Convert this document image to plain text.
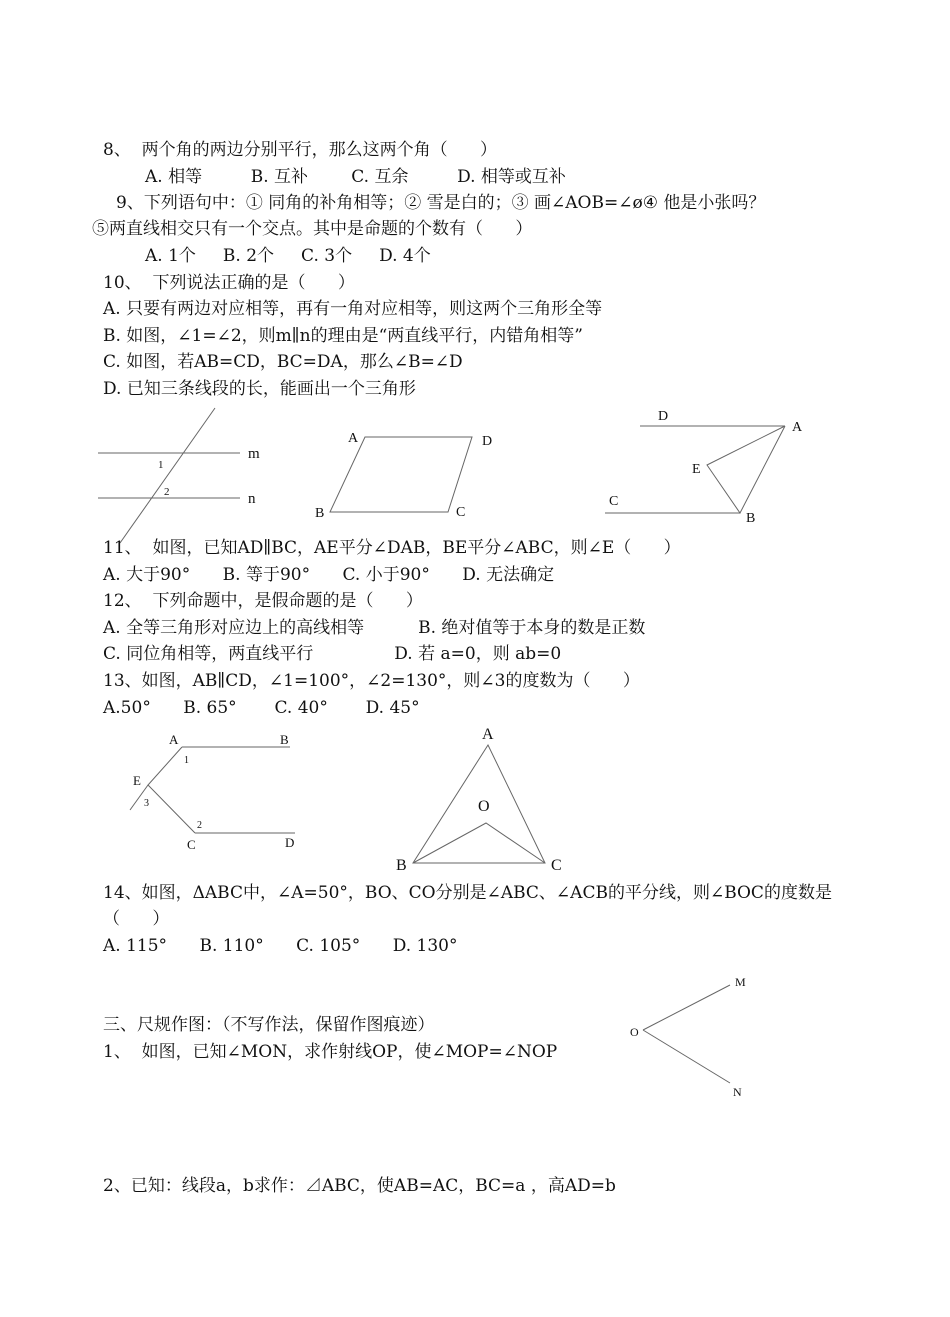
8、  两个角的两边分别平行，那么这两个角（      ）
A. 相等         B. 互补        C. 互余         D. 相等或互补
9、下列语句中：① 同角的补角相等；② 雪是白的；③ 画∠AOB=∠ø④ 他是小张吗？
⑤两直线相交只有一个交点。其中是命题的个数有（      ）
A. 1个     B. 2个     C. 3个     D. 4个
10、  下列说法正确的是（      ）
A. 只要有两边对应相等，再有一角对应相等，则这两个三角形全等
B. 如图，∠1=∠2，则m∥n的理由是“两直线平行，内错角相等”
C. 如图，若AB=CD，BC=DA，那么∠B=∠D
D. 已知三条线段的长，能画出一个三角形
m
n
1
2
A	D
B	C
D
A
E
C
B
11、  如图，已知AD∥BC，AE平分∠DAB，BE平分∠ABC，则∠E（      ）
A. 大于90°      B. 等于90°      C. 小于90°      D. 无法确定
12、  下列命题中，是假命题的是（      ）
A. 全等三角形对应边上的高线相等          B. 绝对值等于本身的数是正数
C. 同位角相等，两直线平行               D. 若 a=0，则 ab=0
13、如图，AB∥CD，∠1=100°，∠2=130°，则∠3的度数为（      ）
A.50°      B. 65°       C. 40°       D. 45°
A	B
1
E
3
2
C	D
A
O
B	C
14、如图，ΔABC中，∠A=50°，BO、CO分别是∠ABC、∠ACB的平分线，则∠BOC的度数是
（      ）
A. 115°      B. 110°      C. 105°      D. 130°
M
O
N
三、尺规作图：（不写作法，保留作图痕迹）
1、  如图，已知∠MON，求作射线OP，使∠MOP=∠NOP
2、已知：线段a，b求作：⊿ABC，使AB=AC，BC=a ，高AD=b
